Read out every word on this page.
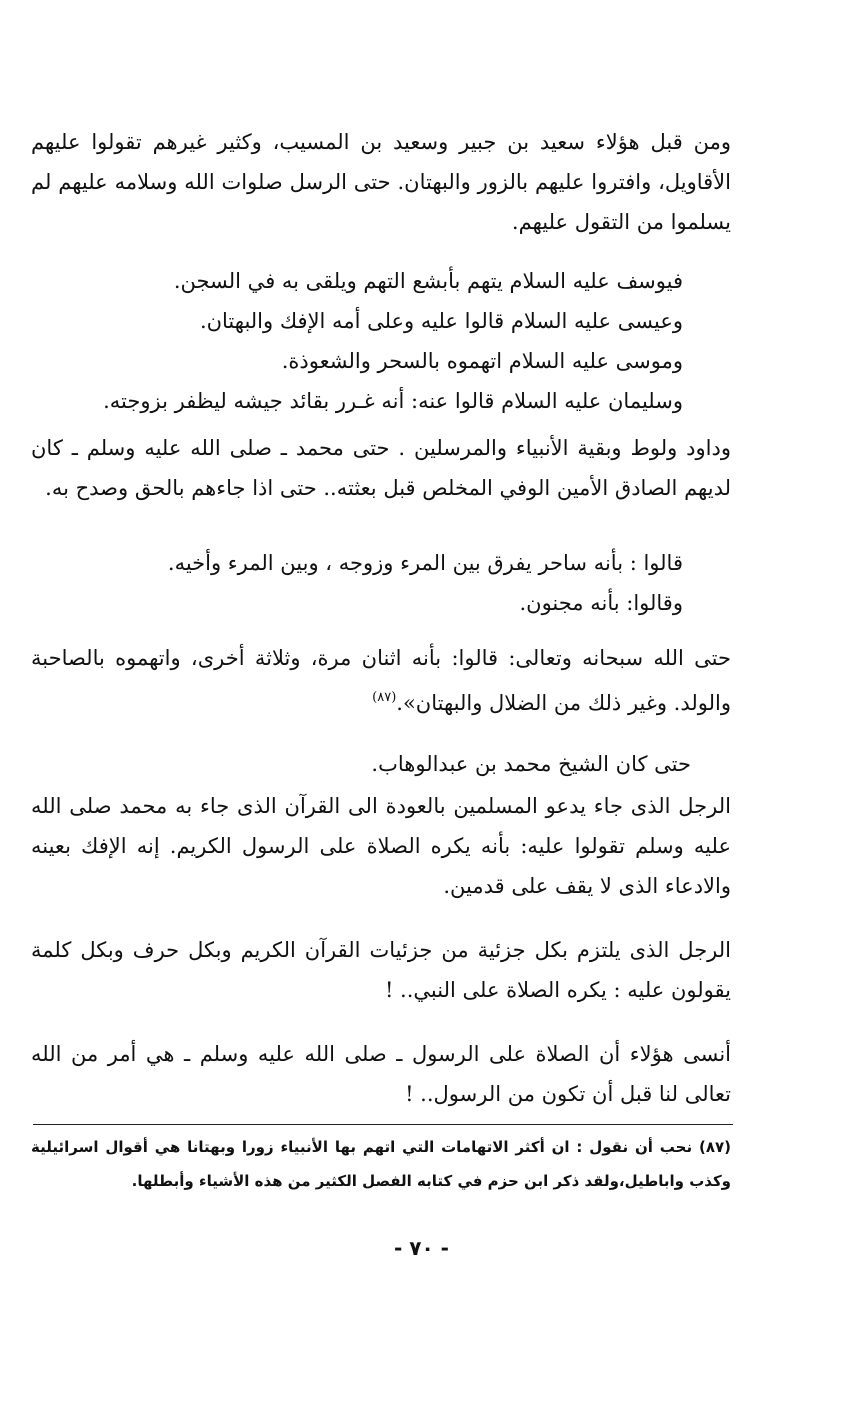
ومن قبل هؤلاء سعيد بن جبير وسعيد بن المسيب، وكثير غيرهم تقولوا عليهم الأقاويل، وافتروا عليهم بالزور والبهتان. حتى الرسل صلوات الله وسلامه عليهم لم يسلموا من التقول عليهم.

فيوسف عليه السلام يتهم بأبشع التهم ويلقى به في السجن.

وعيسى عليه السلام قالوا عليه وعلى أمه الإفك والبهتان.

وموسى عليه السلام اتهموه بالسحر والشعوذة.

وسليمان عليه السلام قالوا عنه: أنه غـرر بقائد جيشه ليظفر بزوجته.

وداود ولوط وبقية الأنبياء والمرسلين . حتى محمد ـ صلى الله عليه وسلم ـ كان لديهم الصادق الأمين الوفي المخلص قبل بعثته.. حتى اذا جاءهم بالحق وصدح به.

قالوا : بأنه ساحر يفرق بين المرء وزوجه ، وبين المرء وأخيه.

وقالوا: بأنه مجنون.

حتى الله سبحانه وتعالى: قالوا: بأنه اثنان مرة، وثلاثة أخرى، واتهموه بالصاحبة والولد. وغير ذلك من الضلال والبهتان».$^{(٨٧)}$

حتى كان الشيخ محمد بن عبدالوهاب.

الرجل الذى جاء يدعو المسلمين بالعودة الى القرآن الذى جاء به محمد صلى الله عليه وسلم تقولوا عليه: بأنه يكره الصلاة على الرسول الكريم. إنه الإفك بعينه والادعاء الذى لا يقف على قدمين.

الرجل الذى يلتزم بكل جزئية من جزئيات القرآن الكريم وبكل حرف وبكل كلمة يقولون عليه : يكره الصلاة على النبي.. !

أنسى هؤلاء أن الصلاة على الرسول ـ صلى الله عليه وسلم ـ هي أمر من الله تعالى لنا قبل أن تكون من الرسول.. !

(٨٧) نحب أن نقول : ان أكثر الاتهامات التي اتهم بها الأنبياء زورا وبهتانا هي أقوال اسرائيلية وكذب واباطيل،ولقد ذكر ابن حزم في كتابه الفصل الكثير من هذه الأشياء وأبطلها.
- ٧٠ -
